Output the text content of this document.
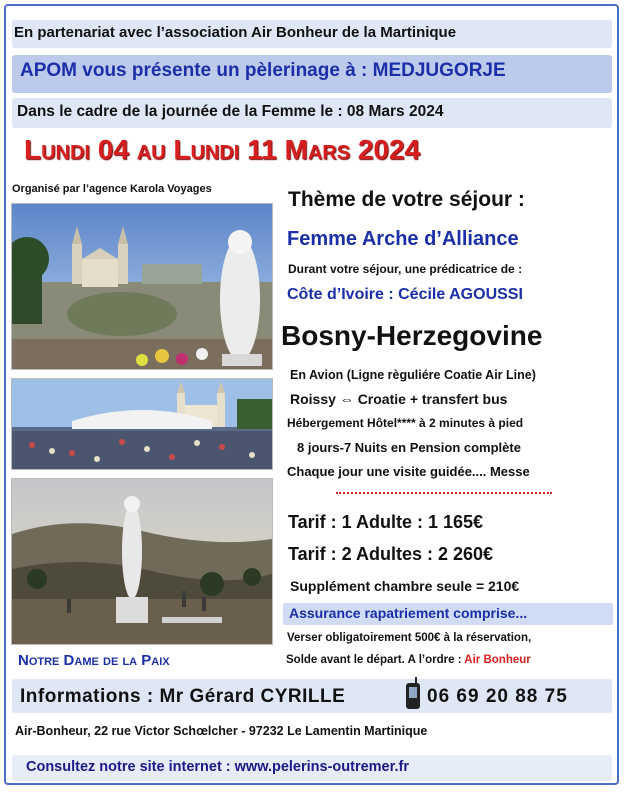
En partenariat avec l’association Air Bonheur de la Martinique
APOM vous présente un pèlerinage à : MEDJUGORJE
Dans le cadre de la journée de la Femme le : 08 Mars 2024
Lundi 04 au Lundi 11 Mars 2024
Organisé par l’agence Karola Voyages
Notre Dame de la Paix
Thème de votre séjour :
Femme Arche d’Alliance
Durant votre séjour, une prédicatrice de :
Côte d’Ivoire : Cécile AGOUSSI
Bosny-Herzegovine
En Avion (Ligne règuliére Coatie Air Line)
Roissy ⇔ Croatie + transfert bus
Hébergement Hôtel**** à 2 minutes à pied
8 jours-7 Nuits en Pension complète
Chaque jour une visite guidée.... Messe
Tarif : 1 Adulte : 1 165€
Tarif : 2 Adultes : 2 260€
Supplément chambre seule = 210€
Assurance rapatriement comprise...
Verser obligatoirement 500€ à la réservation,
Solde avant le départ. A l’ordre : Air Bonheur
Informations : Mr Gérard CYRILLE	06 69 20 88 75
Air-Bonheur, 22 rue Victor Schœlcher - 97232 Le Lamentin Martinique
Consultez notre site internet : www.pelerins-outremer.fr
